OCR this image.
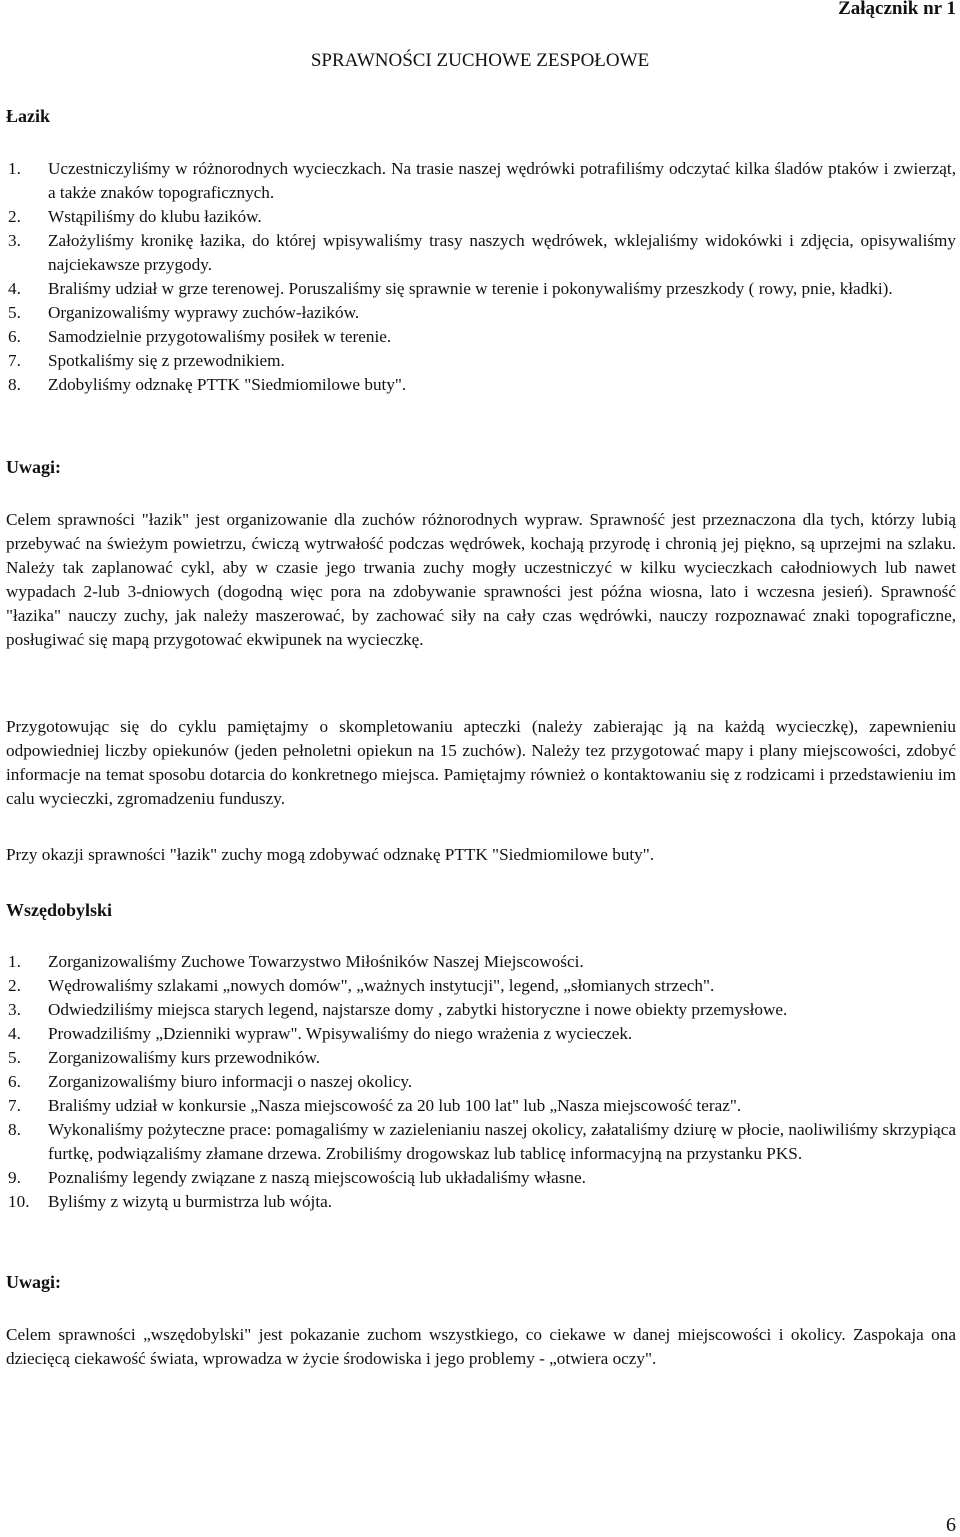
Załącznik nr 1
SPRAWNOŚCI ZUCHOWE ZESPOŁOWE
Łazik
1.	Uczestniczyliśmy w różnorodnych wycieczkach. Na trasie naszej wędrówki potrafiliśmy odczytać kilka śladów ptaków i zwierząt, a także znaków topograficznych.
2.	Wstąpiliśmy do klubu łazików.
3.	Założyliśmy kronikę łazika, do której wpisywaliśmy trasy naszych wędrówek, wklejaliśmy widokówki i zdjęcia, opisywaliśmy najciekawsze przygody.
4.	Braliśmy udział w grze terenowej. Poruszaliśmy się sprawnie w terenie i pokonywaliśmy przeszkody ( rowy, pnie, kładki).
5.	Organizowaliśmy wyprawy zuchów-łazików.
6.	Samodzielnie przygotowaliśmy posiłek w terenie.
7.	Spotkaliśmy się z przewodnikiem.
8.	Zdobyliśmy odznakę PTTK "Siedmiomilowe buty".
Uwagi:

Celem sprawności "łazik" jest organizowanie dla zuchów różnorodnych wypraw. Sprawność jest przeznaczona dla tych, którzy lubią przebywać na świeżym powietrzu, ćwiczą wytrwałość podczas wędrówek, kochają przyrodę i chronią jej piękno, są uprzejmi na szlaku. Należy tak zaplanować cykl, aby w czasie jego trwania zuchy mogły uczestniczyć w kilku wycieczkach całodniowych lub nawet wypadach 2-lub 3-dniowych (dogodną więc pora na zdobywanie sprawności jest późna wiosna, lato i wczesna jesień). Sprawność "łazika" nauczy zuchy, jak należy maszerować, by zachować siły na cały czas wędrówki, nauczy rozpoznawać znaki topograficzne, posługiwać się mapą przygotować ekwipunek na wycieczkę.

Przygotowując się do cyklu pamiętajmy o skompletowaniu apteczki (należy zabierając ją na każdą wycieczkę), zapewnieniu odpowiedniej liczby opiekunów (jeden pełnoletni opiekun na 15 zuchów). Należy tez przygotować mapy i plany miejscowości, zdobyć informacje na temat sposobu dotarcia do konkretnego miejsca. Pamiętajmy również o kontaktowaniu się z rodzicami i przedstawieniu im calu wycieczki, zgromadzeniu funduszy.

Przy okazji sprawności "łazik" zuchy mogą zdobywać odznakę PTTK "Siedmiomilowe buty".

Wszędobylski
1.	Zorganizowaliśmy Zuchowe Towarzystwo Miłośników Naszej Miejscowości.
2.	Wędrowaliśmy szlakami „nowych domów", „ważnych instytucji", legend, „słomianych strzech".
3.	Odwiedziliśmy miejsca starych legend, najstarsze domy , zabytki historyczne i nowe obiekty przemysłowe.
4.	Prowadziliśmy „Dzienniki wypraw". Wpisywaliśmy do niego wrażenia z wycieczek.
5.	Zorganizowaliśmy kurs przewodników.
6.	Zorganizowaliśmy biuro informacji o naszej okolicy.
7.	Braliśmy udział w konkursie „Nasza miejscowość za 20 lub 100 lat" lub „Nasza miejscowość teraz".
8.	Wykonaliśmy pożyteczne prace: pomagaliśmy w zazielenianiu naszej okolicy, załataliśmy dziurę w płocie, naoliwiliśmy skrzypiąca furtkę, podwiązaliśmy złamane drzewa. Zrobiliśmy drogowskaz lub tablicę informacyjną na przystanku PKS.
9.	Poznaliśmy legendy związane z naszą miejscowością lub układaliśmy własne.
10.	Byliśmy z wizytą u burmistrza lub wójta.
Uwagi:

Celem sprawności „wszędobylski" jest pokazanie zuchom wszystkiego, co ciekawe w danej miejscowości i okolicy. Zaspokaja ona dziecięcą ciekawość świata, wprowadza w życie środowiska i jego problemy - „otwiera oczy".

6
